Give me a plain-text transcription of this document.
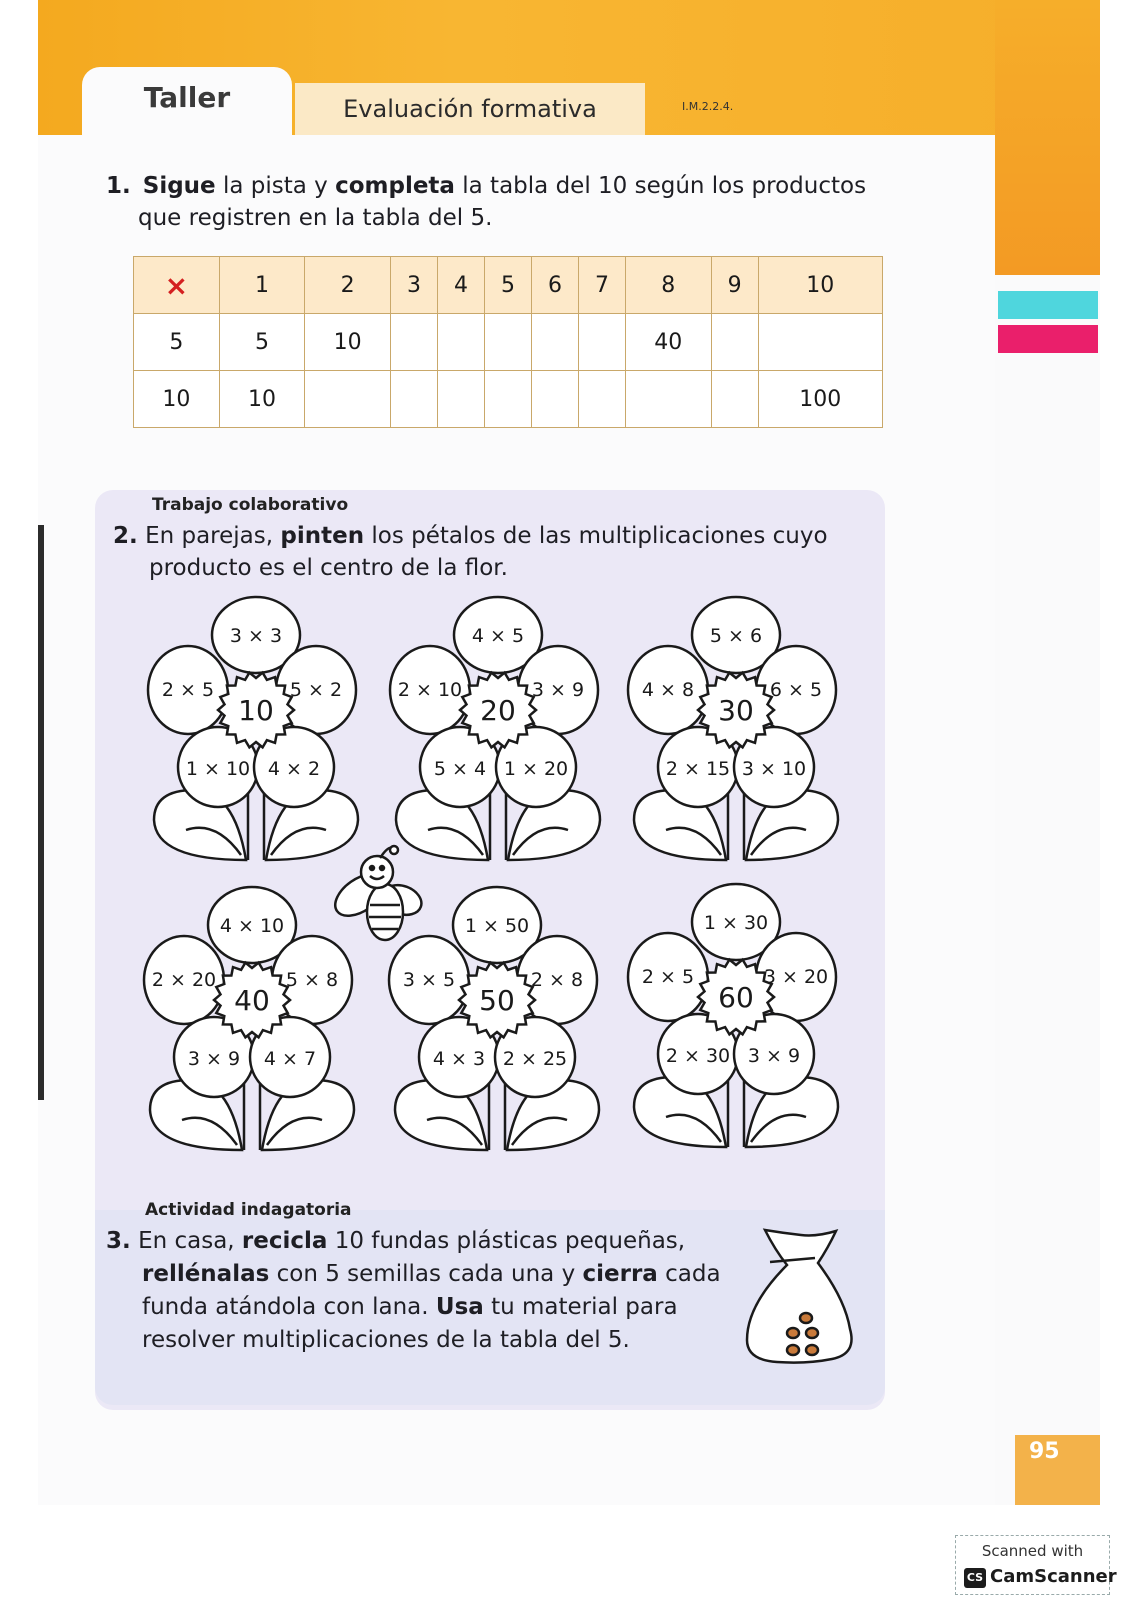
Taller	Evaluación formativa	I.M.2.2.4.
1. Sigue la pista y completa la tabla del 10 según los productos
que registren en la tabla del 5.
×	1	2	3	4	5	6	7	8	9	10
5	5	10						40		
10	10									100
Trabajo colaborativo
2. En parejas, pinten los pétalos de las multiplicaciones cuyo
producto es el centro de la flor.
3 × 3
2 × 5	5 × 2
1 × 10 4 × 2
10
4 × 5
2 × 10	3 × 9
5 × 4 1 × 20
20
5 × 6
4 × 8	6 × 5
2 × 15 3 × 10
30
4 × 10
2 × 20	5 × 8
3 × 9 4 × 7
40
1 × 50
3 × 5	2 × 8
4 × 3 2 × 25
50
1 × 30
2 × 5	3 × 20
2 × 30 3 × 9
60
Actividad indagatoria
3. En casa, recicla 10 fundas plásticas pequeñas,
rellénalas con 5 semillas cada una y cierra cada
funda atándola con lana. Usa tu material para
resolver multiplicaciones de la tabla del 5.
95
Scanned with
CS CamScanner
